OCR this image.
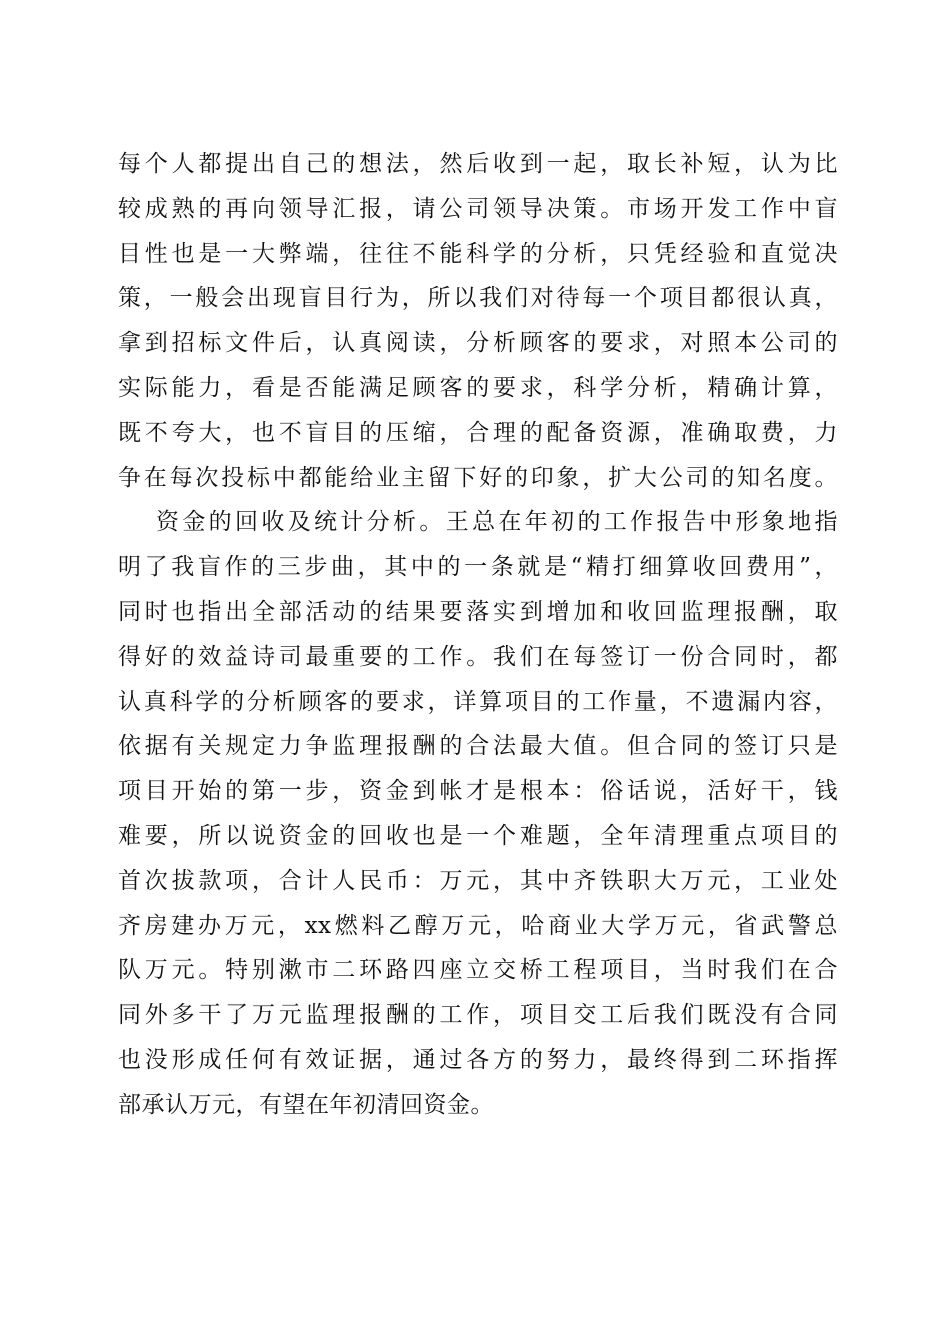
每个人都提出自己的想法，然后收到一起，取长补短，认为比
较成熟的再向领导汇报，请公司领导决策。市场开发工作中盲
目性也是一大弊端，往往不能科学的分析，只凭经验和直觉决
策，一般会出现盲目行为，所以我们对待每一个项目都很认真，
拿到招标文件后，认真阅读，分析顾客的要求，对照本公司的
实际能力，看是否能满足顾客的要求，科学分析，精确计算，
既不夸大，也不盲目的压缩，合理的配备资源，准确取费，力
争在每次投标中都能给业主留下好的印象，扩大公司的知名度。
资金的回收及统计分析。王总在年初的工作报告中形象地指
明了我盲作的三步曲，其中的一条就是“精打细算收回费用”，
同时也指出全部活动的结果要落实到增加和收回监理报酬，取
得好的效益诗司最重要的工作。我们在每签订一份合同时，都
认真科学的分析顾客的要求，详算项目的工作量，不遗漏内容，
依据有关规定力争监理报酬的合法最大值。但合同的签订只是
项目开始的第一步，资金到帐才是根本：俗话说，活好干，钱
难要，所以说资金的回收也是一个难题，全年清理重点项目的
首次拔款项，合计人民币：万元，其中齐铁职大万元，工业处
齐房建办万元，xx燃料乙醇万元，哈商业大学万元，省武警总
队万元。特别漱市二环路四座立交桥工程项目，当时我们在合
同外多干了万元监理报酬的工作，项目交工后我们既没有合同
也没形成任何有效证据，通过各方的努力，最终得到二环指挥
部承认万元，有望在年初清回资金。
